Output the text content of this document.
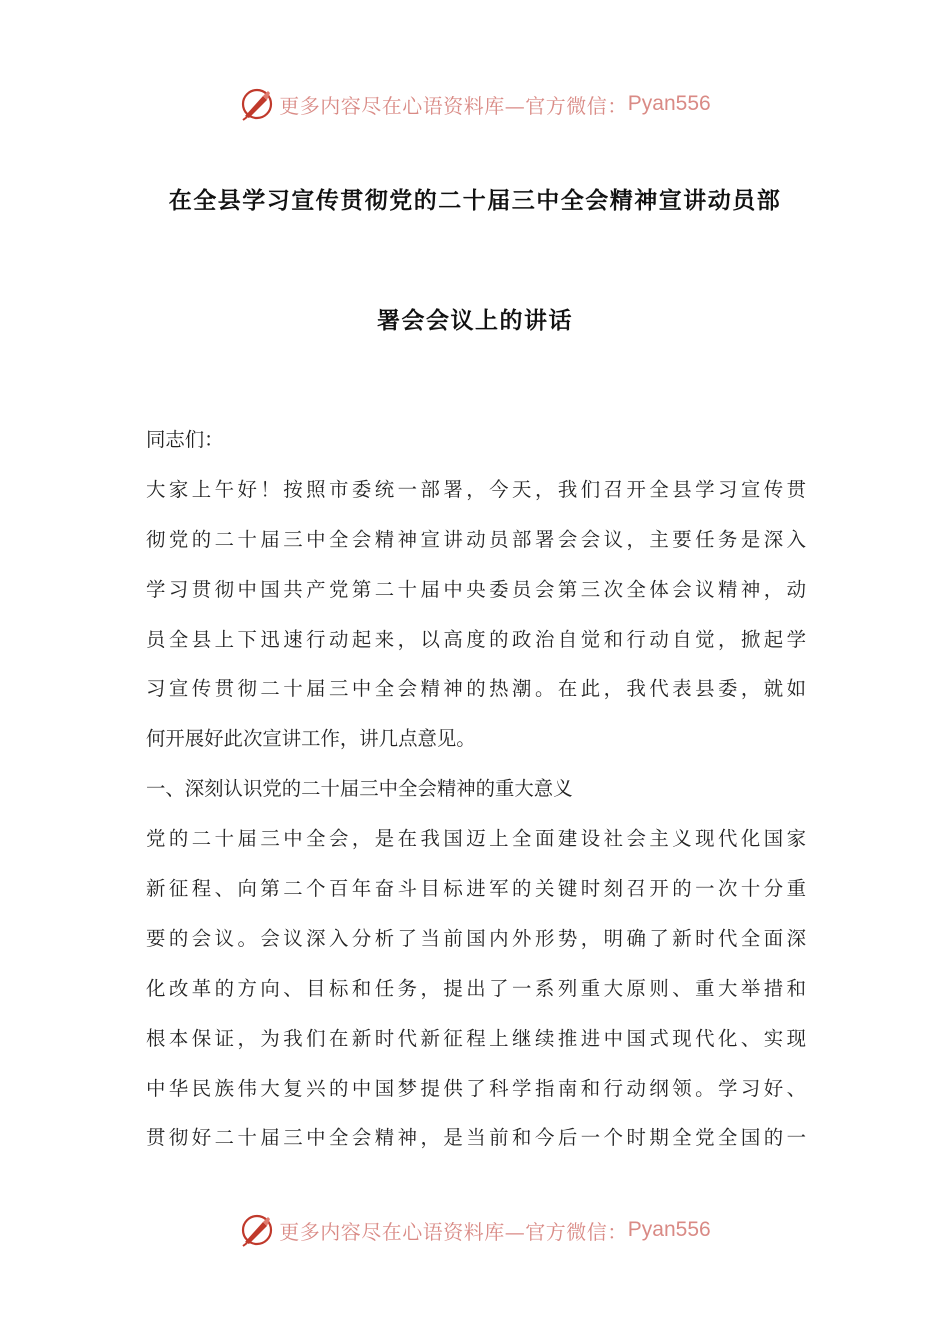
更多内容尽在心语资料库—官方微信： Pyan556
在全县学习宣传贯彻党的二十届三中全会精神宣讲动员部
署会会议上的讲话
同志们：
大家上午好！按照市委统一部署，今天，我们召开全县学习宣传贯
彻党的二十届三中全会精神宣讲动员部署会会议，主要任务是深入
学习贯彻中国共产党第二十届中央委员会第三次全体会议精神，动
员全县上下迅速行动起来，以高度的政治自觉和行动自觉，掀起学
习宣传贯彻二十届三中全会精神的热潮。在此，我代表县委，就如
何开展好此次宣讲工作，讲几点意见。
一、深刻认识党的二十届三中全会精神的重大意义
党的二十届三中全会，是在我国迈上全面建设社会主义现代化国家
新征程、向第二个百年奋斗目标进军的关键时刻召开的一次十分重
要的会议。会议深入分析了当前国内外形势，明确了新时代全面深
化改革的方向、目标和任务，提出了一系列重大原则、重大举措和
根本保证，为我们在新时代新征程上继续推进中国式现代化、实现
中华民族伟大复兴的中国梦提供了科学指南和行动纲领。学习好、
贯彻好二十届三中全会精神，是当前和今后一个时期全党全国的一
更多内容尽在心语资料库—官方微信： Pyan556
